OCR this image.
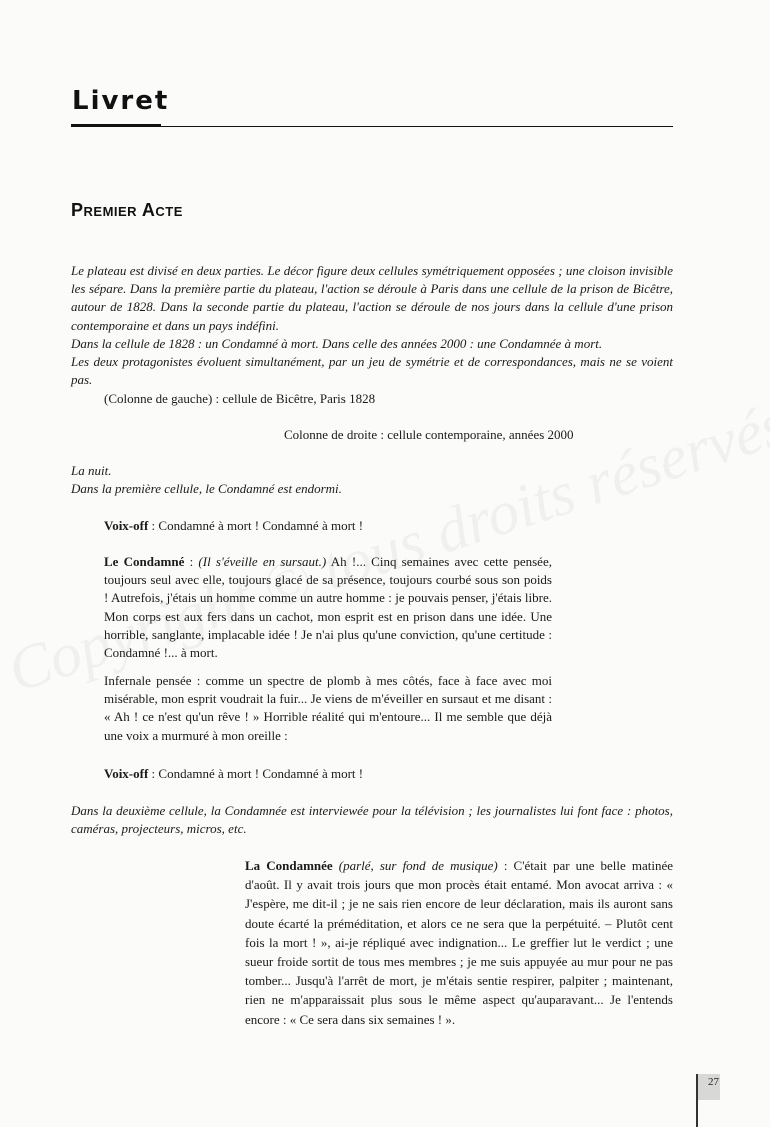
Livret
Premier Acte

Le plateau est divisé en deux parties. Le décor figure deux cellules symétriquement opposées ; une cloison invisible les sépare. Dans la première partie du plateau, l'action se déroule à Paris dans une cellule de la prison de Bicêtre, autour de 1828. Dans la seconde partie du plateau, l'action se déroule de nos jours dans la cellule d'une prison contemporaine et dans un pays indéfini.

Dans la cellule de 1828 : un Condamné à mort. Dans celle des années 2000 : une Condamnée à mort.

Les deux protagonistes évoluent simultanément, par un jeu de symétrie et de correspondances, mais ne se voient pas.

(Colonne de gauche) : cellule de Bicêtre, Paris 1828
Colonne de droite : cellule contemporaine, années 2000

La nuit.

Dans la première cellule, le Condamné est endormi.

Voix-off : Condamné à mort ! Condamné à mort !

Le Condamné : (Il s'éveille en sursaut.) Ah !... Cinq semaines avec cette pensée, toujours seul avec elle, toujours glacé de sa présence, toujours courbé sous son poids ! Autrefois, j'étais un homme comme un autre homme : je pouvais penser, j'étais libre. Mon corps est aux fers dans un cachot, mon esprit est en prison dans une idée. Une horrible, sanglante, implacable idée ! Je n'ai plus qu'une conviction, qu'une certitude : Condamné !... à mort.

Infernale pensée : comme un spectre de plomb à mes côtés, face à face avec moi misérable, mon esprit voudrait la fuir... Je viens de m'éveiller en sursaut et me disant : « Ah ! ce n'est qu'un rêve ! » Horrible réalité qui m'entoure... Il me semble que déjà une voix a murmuré à mon oreille :

Voix-off : Condamné à mort ! Condamné à mort !

Dans la deuxième cellule, la Condamnée est interviewée pour la télévision ; les journalistes lui font face : photos, caméras, projecteurs, micros, etc.

La Condamnée (parlé, sur fond de musique) : C'était par une belle matinée d'août. Il y avait trois jours que mon procès était entamé. Mon avocat arriva : « J'espère, me dit-il ; je ne sais rien encore de leur déclaration, mais ils auront sans doute écarté la préméditation, et alors ce ne sera que la perpétuité. – Plutôt cent fois la mort ! », ai-je répliqué avec indignation... Le greffier lut le verdict ; une sueur froide sortit de tous mes membres ; je me suis appuyée au mur pour ne pas tomber... Jusqu'à l'arrêt de mort, je m'étais sentie respirer, palpiter ; maintenant, rien ne m'apparaissait plus sous le même aspect qu'auparavant... Je l'entends encore : « Ce sera dans six semaines ! ».

27
